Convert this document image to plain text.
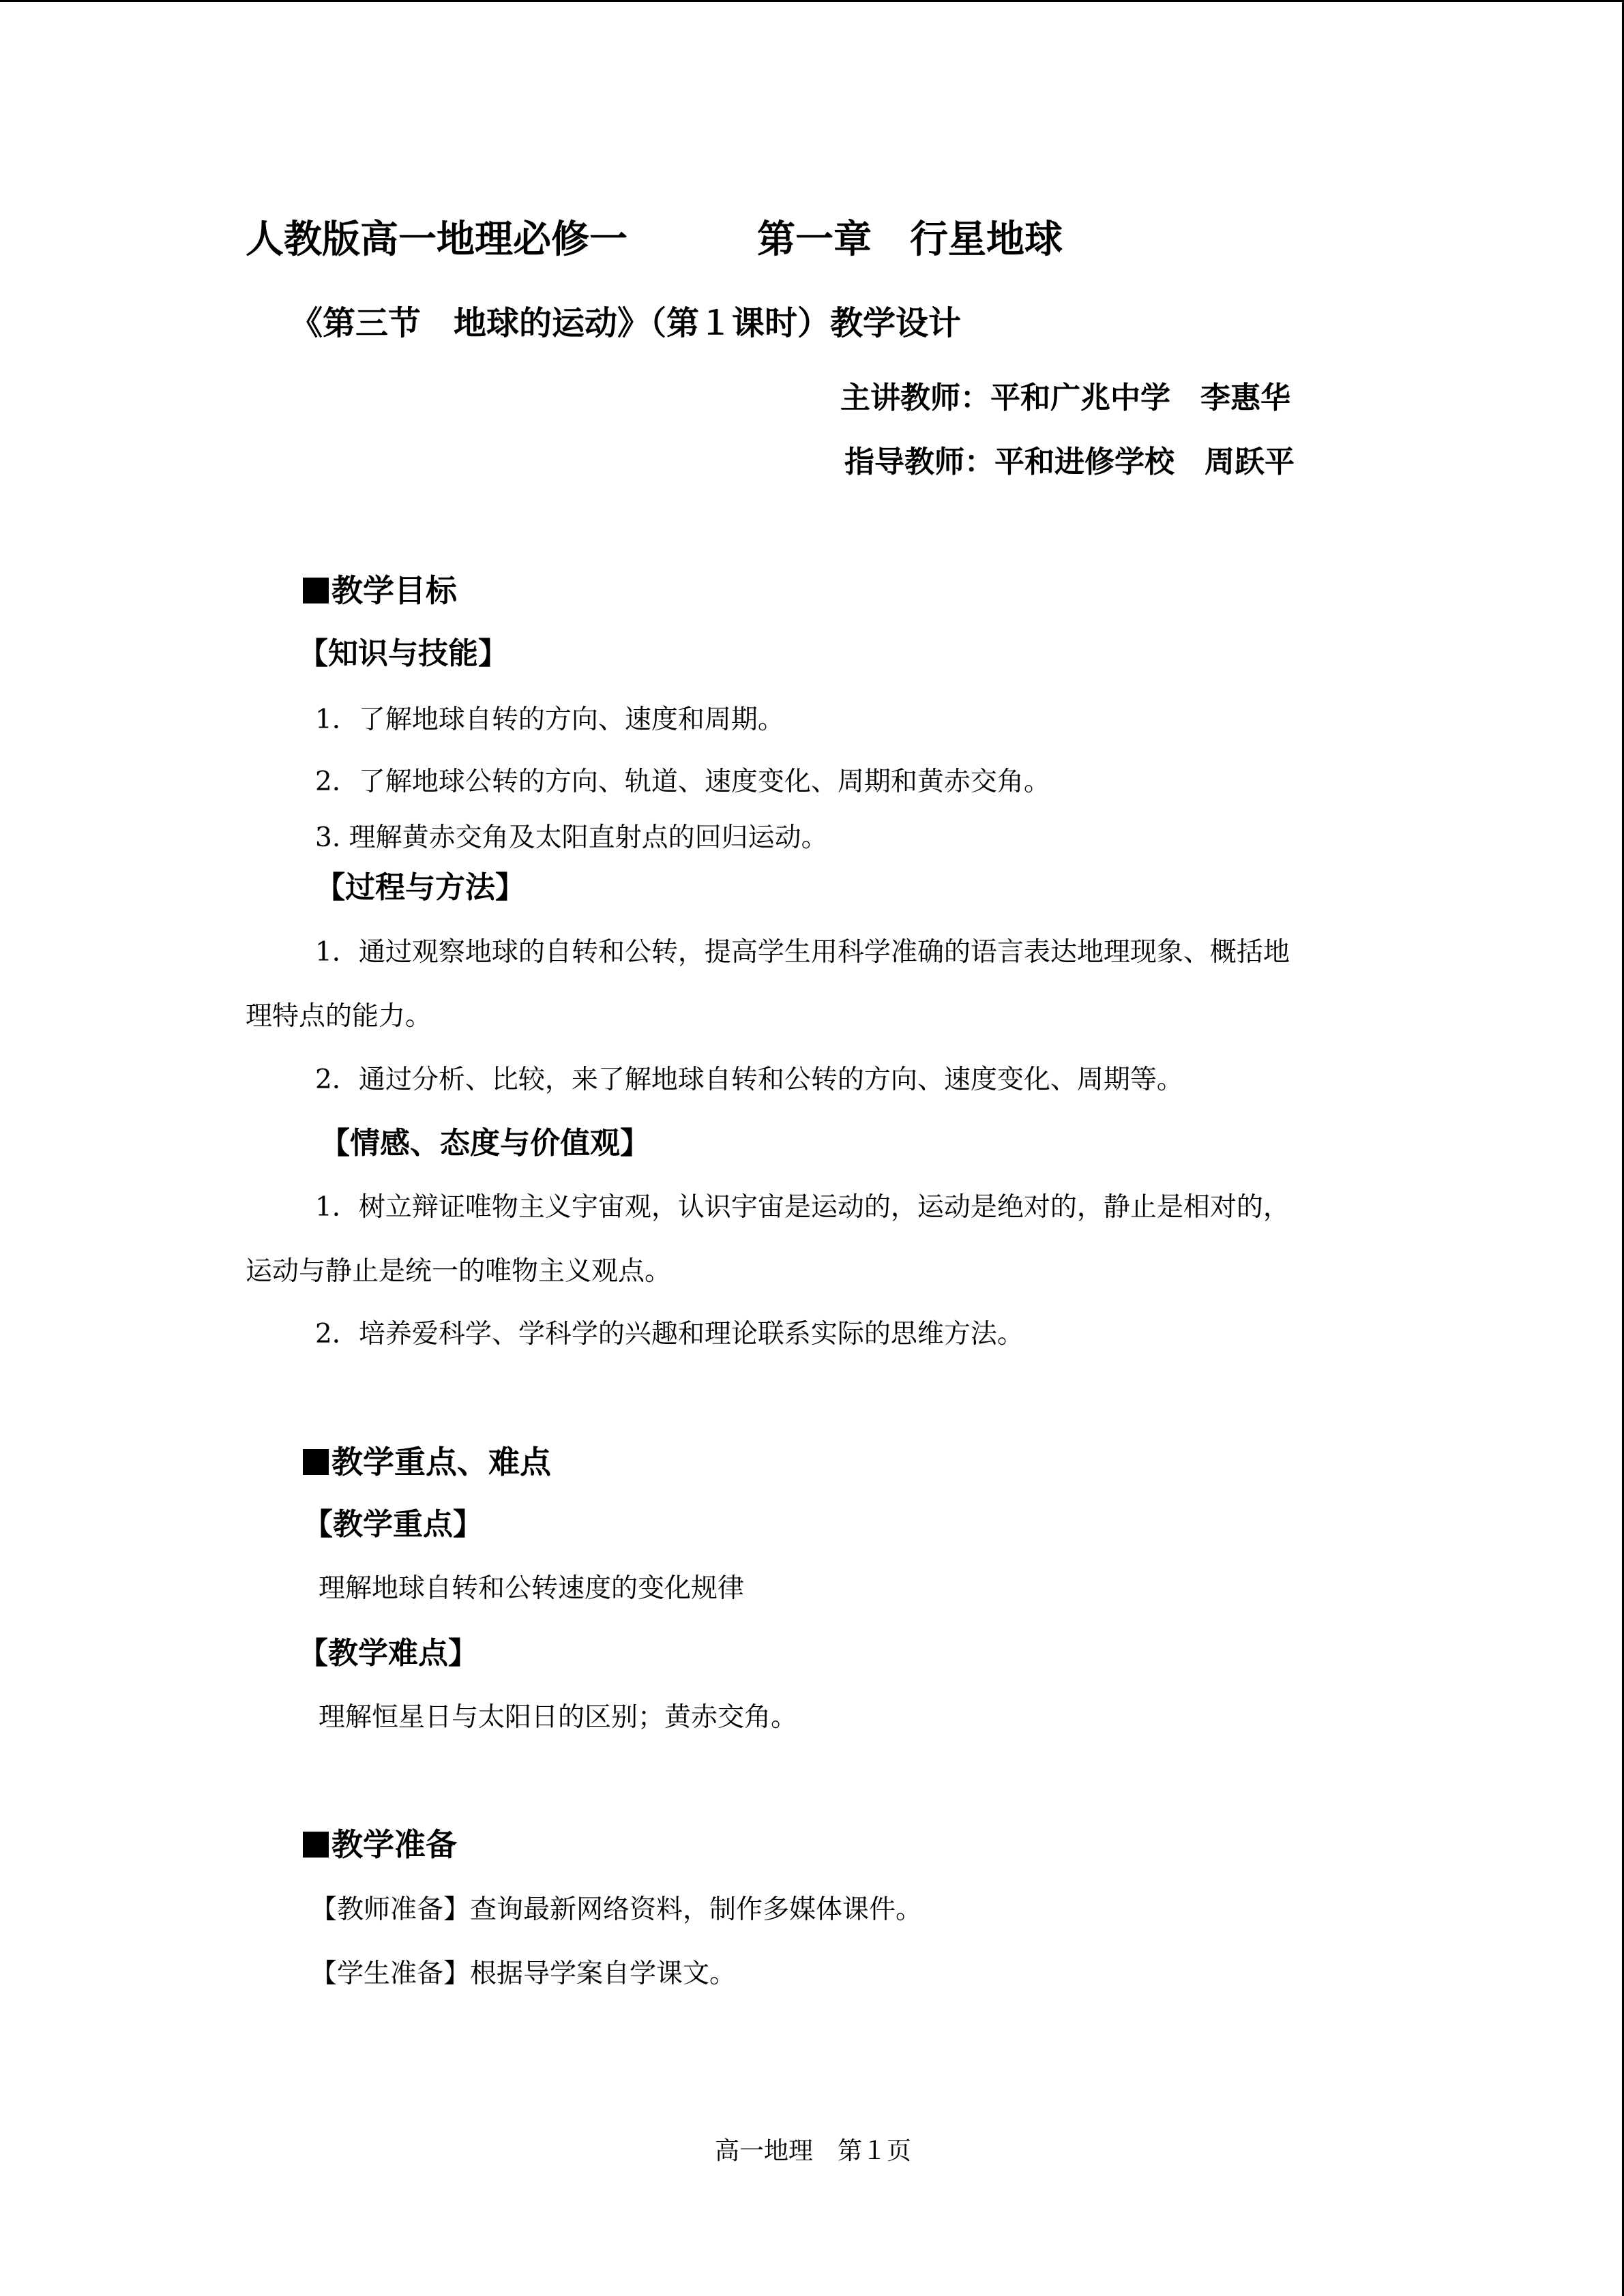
人教版高一地理必修一	第一章　行星地球
《第三节　地球的运动》（第１课时）教学设计
主讲教师：平和广兆中学　李惠华
指导教师：平和进修学校　周跃平
教学目标
【知识与技能】
1．了解地球自转的方向、速度和周期。
2．了解地球公转的方向、轨道、速度变化、周期和黄赤交角。
3. 理解黄赤交角及太阳直射点的回归运动。
【过程与方法】
1．通过观察地球的自转和公转，提高学生用科学准确的语言表达地理现象、概括地
理特点的能力。
2．通过分析、比较，来了解地球自转和公转的方向、速度变化、周期等。
【情感、态度与价值观】
1．树立辩证唯物主义宇宙观，认识宇宙是运动的，运动是绝对的，静止是相对的，
运动与静止是统一的唯物主义观点。
2．培养爱科学、学科学的兴趣和理论联系实际的思维方法。
教学重点、难点
【教学重点】
理解地球自转和公转速度的变化规律
【教学难点】
理解恒星日与太阳日的区别；黄赤交角。
教学准备
【教师准备】查询最新网络资料，制作多媒体课件。
【学生准备】根据导学案自学课文。
高一地理　第１页
